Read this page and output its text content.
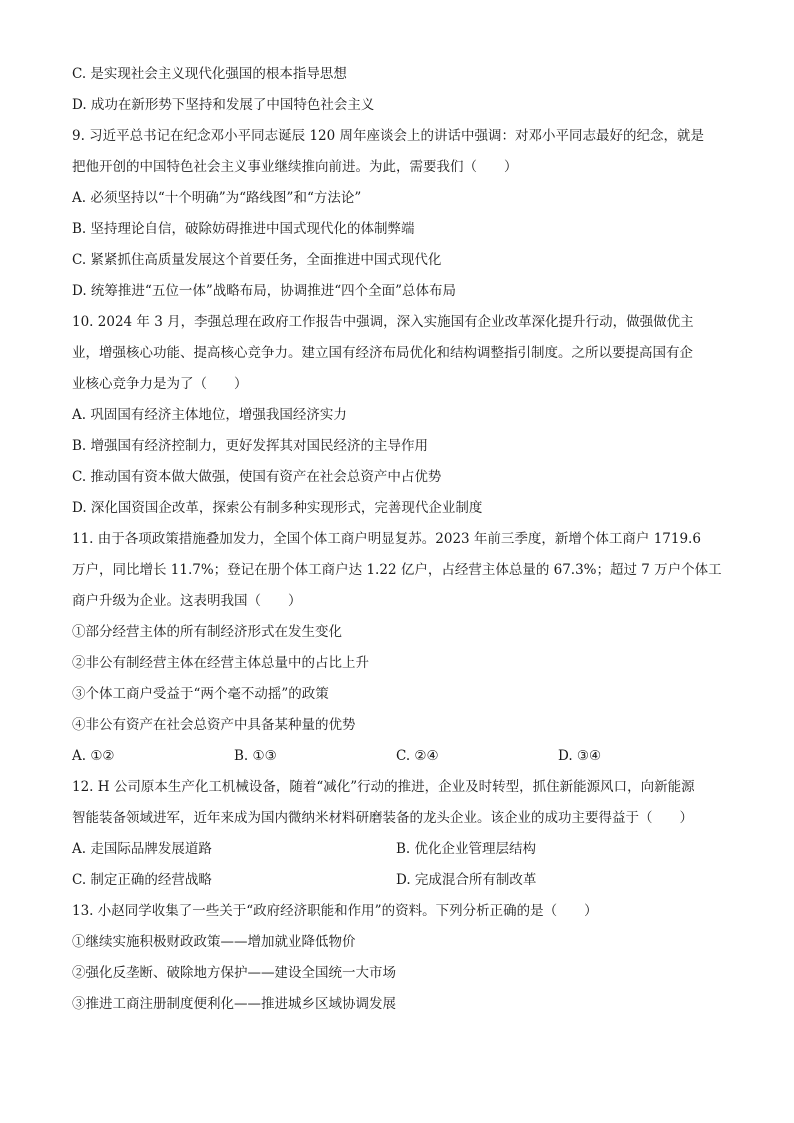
C. 是实现社会主义现代化强国的根本指导思想
D. 成功在新形势下坚持和发展了中国特色社会主义
9. 习近平总书记在纪念邓小平同志诞辰 120 周年座谈会上的讲话中强调：对邓小平同志最好的纪念，就是
把他开创的中国特色社会主义事业继续推向前进。为此，需要我们（　　）
A. 必须坚持以“十个明确”为“路线图”和“方法论”
B. 坚持理论自信，破除妨碍推进中国式现代化的体制弊端
C. 紧紧抓住高质量发展这个首要任务，全面推进中国式现代化
D. 统筹推进“五位一体”战略布局，协调推进“四个全面”总体布局
10. 2024 年 3 月，李强总理在政府工作报告中强调，深入实施国有企业改革深化提升行动，做强做优主
业，增强核心功能、提高核心竞争力。建立国有经济布局优化和结构调整指引制度。之所以要提高国有企
业核心竞争力是为了（　　）
A. 巩固国有经济主体地位，增强我国经济实力
B. 增强国有经济控制力，更好发挥其对国民经济的主导作用
C. 推动国有资本做大做强，使国有资产在社会总资产中占优势
D. 深化国资国企改革，探索公有制多种实现形式，完善现代企业制度
11. 由于各项政策措施叠加发力，全国个体工商户明显复苏。2023 年前三季度，新增个体工商户 1719.6
万户，同比增长 11.7%；登记在册个体工商户达 1.22 亿户，占经营主体总量的 67.3%；超过 7 万户个体工
商户升级为企业。这表明我国（　　）
①部分经营主体的所有制经济形式在发生变化
②非公有制经营主体在经营主体总量中的占比上升
③个体工商户受益于“两个毫不动摇”的政策
④非公有资产在社会总资产中具备某种量的优势
A. ①②	B. ①③	C. ②④	D. ③④
12. H 公司原本生产化工机械设备，随着“减化”行动的推进，企业及时转型，抓住新能源风口，向新能源
智能装备领域进军，近年来成为国内微纳米材料研磨装备的龙头企业。该企业的成功主要得益于（　　）
A. 走国际品牌发展道路	B. 优化企业管理层结构
C. 制定正确的经营战略	D. 完成混合所有制改革
13. 小赵同学收集了一些关于“政府经济职能和作用”的资料。下列分析正确的是（　　）
①继续实施积极财政政策——增加就业降低物价
②强化反垄断、破除地方保护——建设全国统一大市场
③推进工商注册制度便利化——推进城乡区域协调发展
